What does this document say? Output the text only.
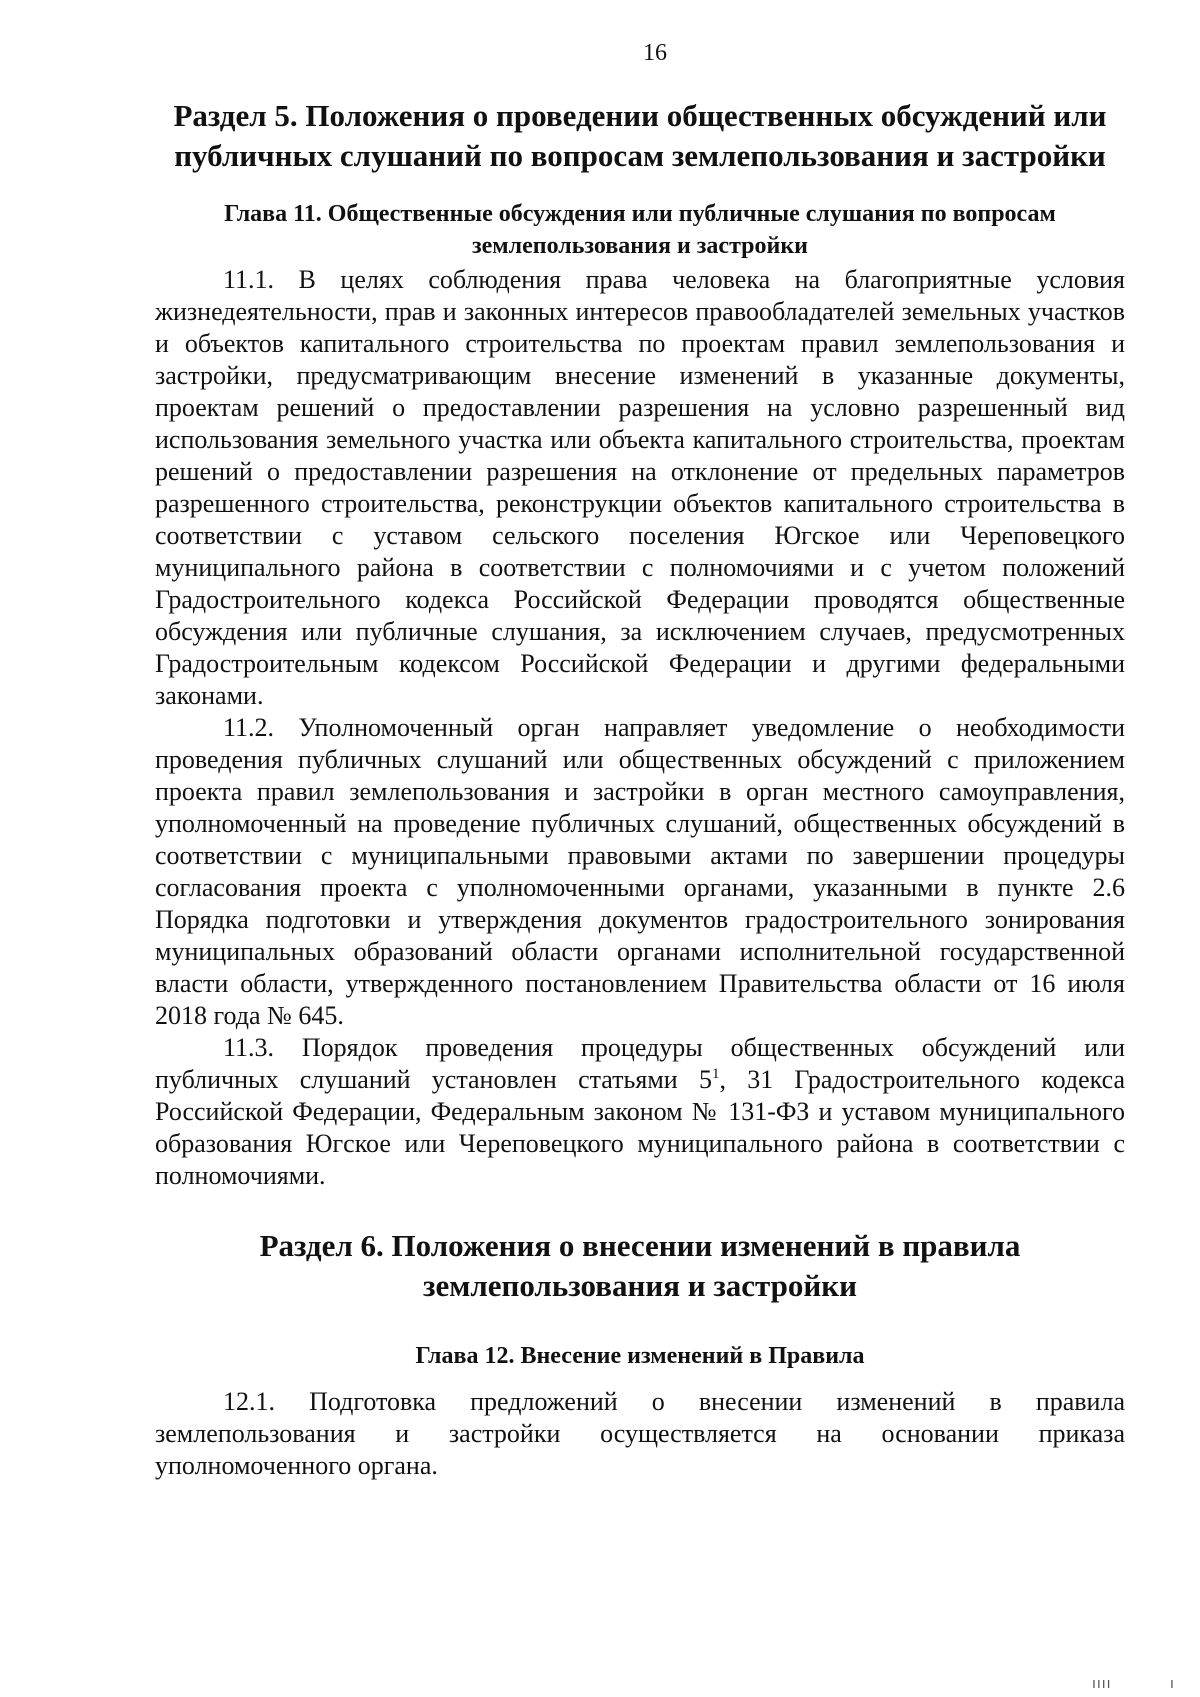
16
Раздел 5. Положения о проведении общественных обсуждений или публичных слушаний по вопросам землепользования и застройки
Глава 11. Общественные обсуждения или публичные слушания по вопросам землепользования и застройки

11.1. В целях соблюдения права человека на благоприятные условия жизнедеятельности, прав и законных интересов правообладателей земельных участков и объектов капитального строительства по проектам правил землепользования и застройки, предусматривающим внесение изменений в указанные документы, проектам решений о предоставлении разрешения на условно разрешенный вид использования земельного участка или объекта капитального строительства, проектам решений о предоставлении разрешения на отклонение от предельных параметров разрешенного строительства, реконструкции объектов капитального строительства в соответствии с уставом сельского поселения Югское или Череповецкого муниципального района в соответствии с полномочиями и с учетом положений Градостроительного кодекса Российской Федерации проводятся общественные обсуждения или публичные слушания, за исключением случаев, предусмотренных Градостроительным кодексом Российской Федерации и другими федеральными законами.

11.2. Уполномоченный орган направляет уведомление о необходимости проведения публичных слушаний или общественных обсуждений с приложением проекта правил землепользования и застройки в орган местного самоуправления, уполномоченный на проведение публичных слушаний, общественных обсуждений в соответствии с муниципальными правовыми актами по завершении процедуры согласования проекта с уполномоченными органами, указанными в пункте 2.6 Порядка подготовки и утверждения документов градостроительного зонирования муниципальных образований области органами исполнительной государственной власти области, утвержденного постановлением Правительства области от 16 июля 2018 года № 645.

11.3. Порядок проведения процедуры общественных обсуждений или публичных слушаний установлен статьями $5^1$, 31 Градостроительного кодекса Российской Федерации, Федеральным законом № 131-ФЗ и уставом муниципального образования Югское или Череповецкого муниципального района в соответствии с полномочиями.

Раздел 6. Положения о внесении изменений в правила землепользования и застройки
Глава 12. Внесение изменений в Правила

12.1. Подготовка предложений о внесении изменений в правила землепользования и застройки осуществляется на основании приказа уполномоченного органа.

ıııı	ı
